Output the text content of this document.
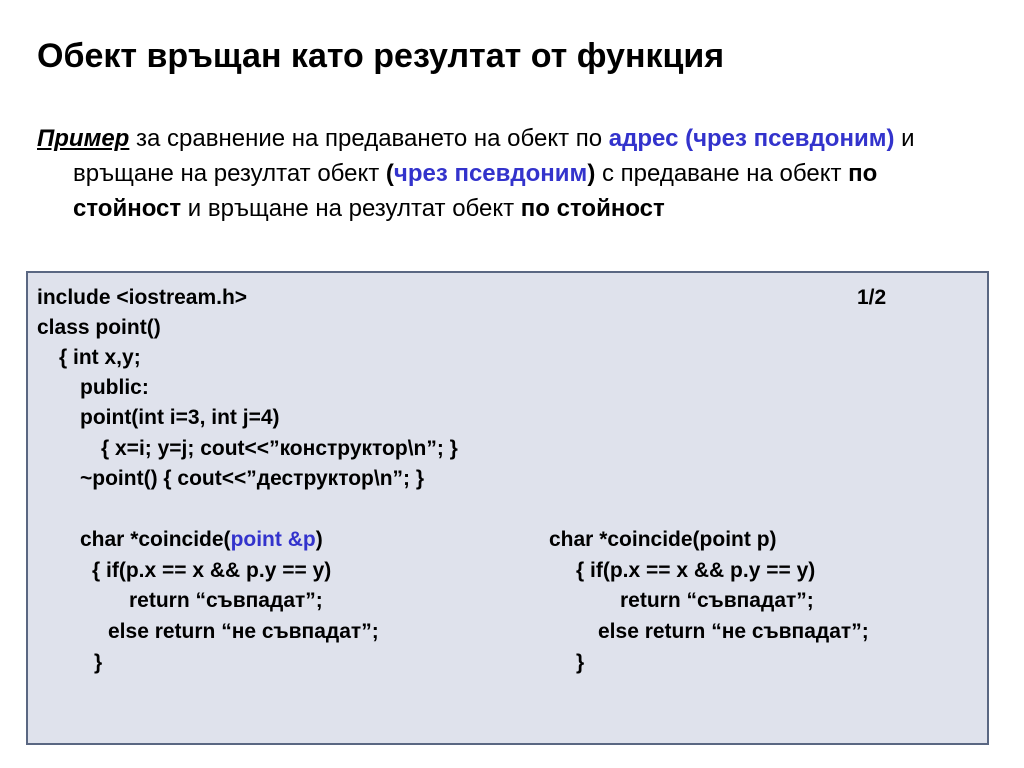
Обект връщан като резултат от функция

Пример за сравнение на предаването на обект по адрес (чрез псевдоним) и връщане на резултат обект (чрез псевдоним) с предаване на обект по стойност и връщане на резултат обект по стойност

1/2
include <iostream.h>
class point()
{ int x,y;
public:
point(int i=3, int j=4)
{ x=i; y=j; cout<<”конструктор\n”; }
~point() { cout<<”деструктор\n”; }
char *coincide(point &p)
{ if(p.x == x && p.y == y)
return “съвпадат”;
else return “не съвпадат”;
}
char *coincide(point p)
{ if(p.x == x && p.y == y)
return “съвпадат”;
else return “не съвпадат”;
}
